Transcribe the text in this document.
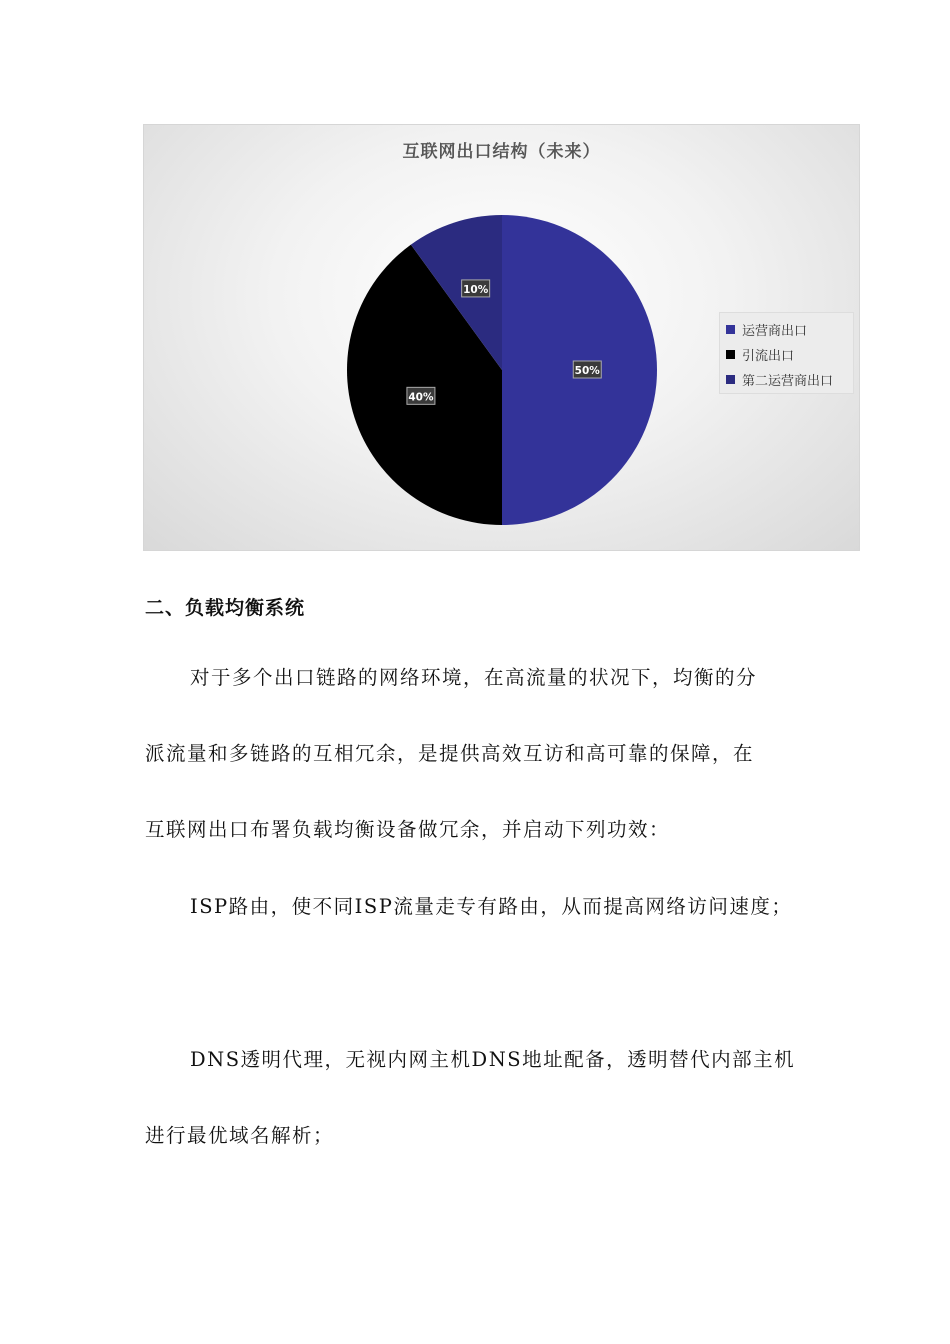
互联网出口结构（未来）
50%
40%
10%
运营商出口
引流出口
第二运营商出口
二、负载均衡系统
对于多个出口链路的网络环境，在高流量的状况下，均衡的分
派流量和多链路的互相冗余，是提供高效互访和高可靠的保障，在
互联网出口布署负载均衡设备做冗余，并启动下列功效：
ISP路由，使不同ISP流量走专有路由，从而提高网络访问速度；
DNS透明代理，无视内网主机DNS地址配备，透明替代内部主机
进行最优域名解析；
